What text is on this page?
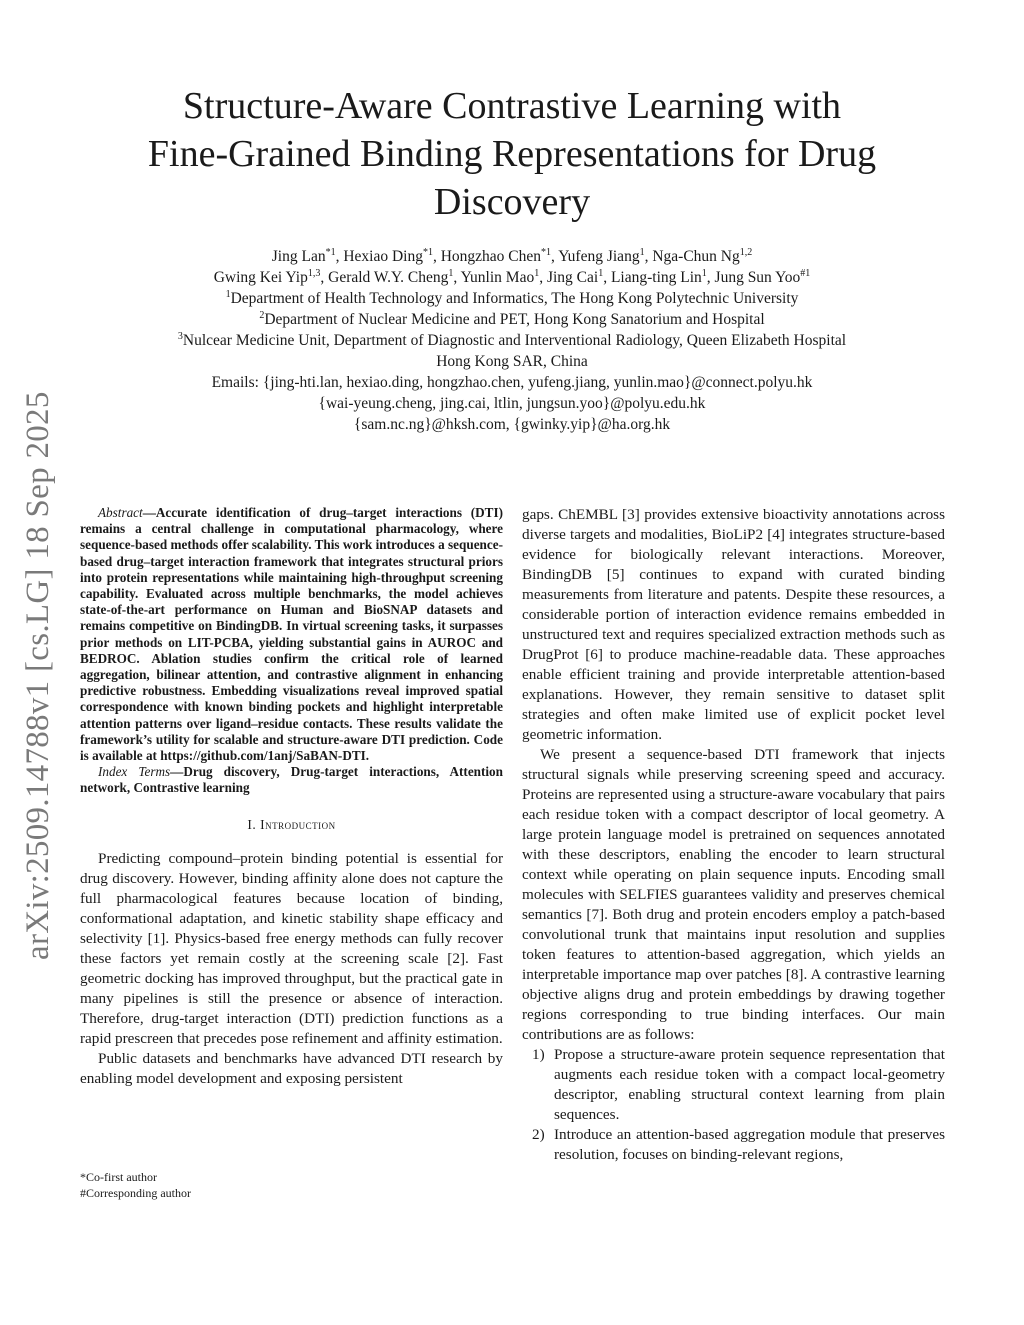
arXiv:2509.14788v1 [cs.LG] 18 Sep 2025
Structure-Aware Contrastive Learning with
Fine-Grained Binding Representations for Drug
Discovery
Jing Lan$^{*1}$, Hexiao Ding$^{*1}$, Hongzhao Chen$^{*1}$, Yufeng Jiang$^1$, Nga-Chun Ng$^{1,2}$
Gwing Kei Yip$^{1,3}$, Gerald W.Y. Cheng$^1$, Yunlin Mao$^1$, Jing Cai$^1$, Liang-ting Lin$^1$, Jung Sun Yoo$^{\#1}$
$^1$Department of Health Technology and Informatics, The Hong Kong Polytechnic University
$^2$Department of Nuclear Medicine and PET, Hong Kong Sanatorium and Hospital
$^3$Nulcear Medicine Unit, Department of Diagnostic and Interventional Radiology, Queen Elizabeth Hospital
Hong Kong SAR, China
Emails: {jing-hti.lan, hexiao.ding, hongzhao.chen, yufeng.jiang, yunlin.mao}@connect.polyu.hk
{wai-yeung.cheng, jing.cai, ltlin, jungsun.yoo}@polyu.edu.hk
{sam.nc.ng}@hksh.com, {gwinky.yip}@ha.org.hk

Abstract—Accurate identification of drug–target interactions (DTI) remains a central challenge in computational pharmacology, where sequence-based methods offer scalability. This work introduces a sequence-based drug–target interaction framework that integrates structural priors into protein representations while maintaining high-throughput screening capability. Evaluated across multiple benchmarks, the model achieves state-of-the-art performance on Human and BioSNAP datasets and remains competitive on BindingDB. In virtual screening tasks, it surpasses prior methods on LIT-PCBA, yielding substantial gains in AUROC and BEDROC. Ablation studies confirm the critical role of learned aggregation, bilinear attention, and contrastive alignment in enhancing predictive robustness. Embedding visualizations reveal improved spatial correspondence with known binding pockets and highlight interpretable attention patterns over ligand–residue contacts. These results validate the framework’s utility for scalable and structure-aware DTI prediction. Code is available at https://github.com/1anj/SaBAN-DTI.

Index Terms—Drug discovery, Drug-target interactions, Attention network, Contrastive learning

I. Introduction

Predicting compound–protein binding potential is essential for drug discovery. However, binding affinity alone does not capture the full pharmacological features because location of binding, conformational adaptation, and kinetic stability shape efficacy and selectivity [1]. Physics-based free energy methods can fully recover these factors yet remain costly at the screening scale [2]. Fast geometric docking has improved throughput, but the practical gate in many pipelines is still the presence or absence of interaction. Therefore, drug-target interaction (DTI) prediction functions as a rapid prescreen that precedes pose refinement and affinity estimation.

Public datasets and benchmarks have advanced DTI research by enabling model development and exposing persistent

gaps. ChEMBL [3] provides extensive bioactivity annotations across diverse targets and modalities, BioLiP2 [4] integrates structure-based evidence for biologically relevant interactions. Moreover, BindingDB [5] continues to expand with curated binding measurements from literature and patents. Despite these resources, a considerable portion of interaction evidence remains embedded in unstructured text and requires specialized extraction methods such as DrugProt [6] to produce machine-readable data. These approaches enable efficient training and provide interpretable attention-based explanations. However, they remain sensitive to dataset split strategies and often make limited use of explicit pocket level geometric information.

We present a sequence-based DTI framework that injects structural signals while preserving screening speed and accuracy. Proteins are represented using a structure-aware vocabulary that pairs each residue token with a compact descriptor of local geometry. A large protein language model is pretrained on sequences annotated with these descriptors, enabling the encoder to learn structural context while operating on plain sequence inputs. Encoding small molecules with SELFIES guarantees validity and preserves chemical semantics [7]. Both drug and protein encoders employ a patch-based convolutional trunk that maintains input resolution and supplies token features to attention-based aggregation, which yields an interpretable importance map over patches [8]. A contrastive learning objective aligns drug and protein embeddings by drawing together regions corresponding to true binding interfaces. Our main contributions are as follows:

1) Propose a structure-aware protein sequence representation that augments each residue token with a compact local-geometry descriptor, enabling structural context learning from plain sequences.
2) Introduce an attention-based aggregation module that preserves resolution, focuses on binding-relevant regions,
*Co-first author
#Corresponding author
